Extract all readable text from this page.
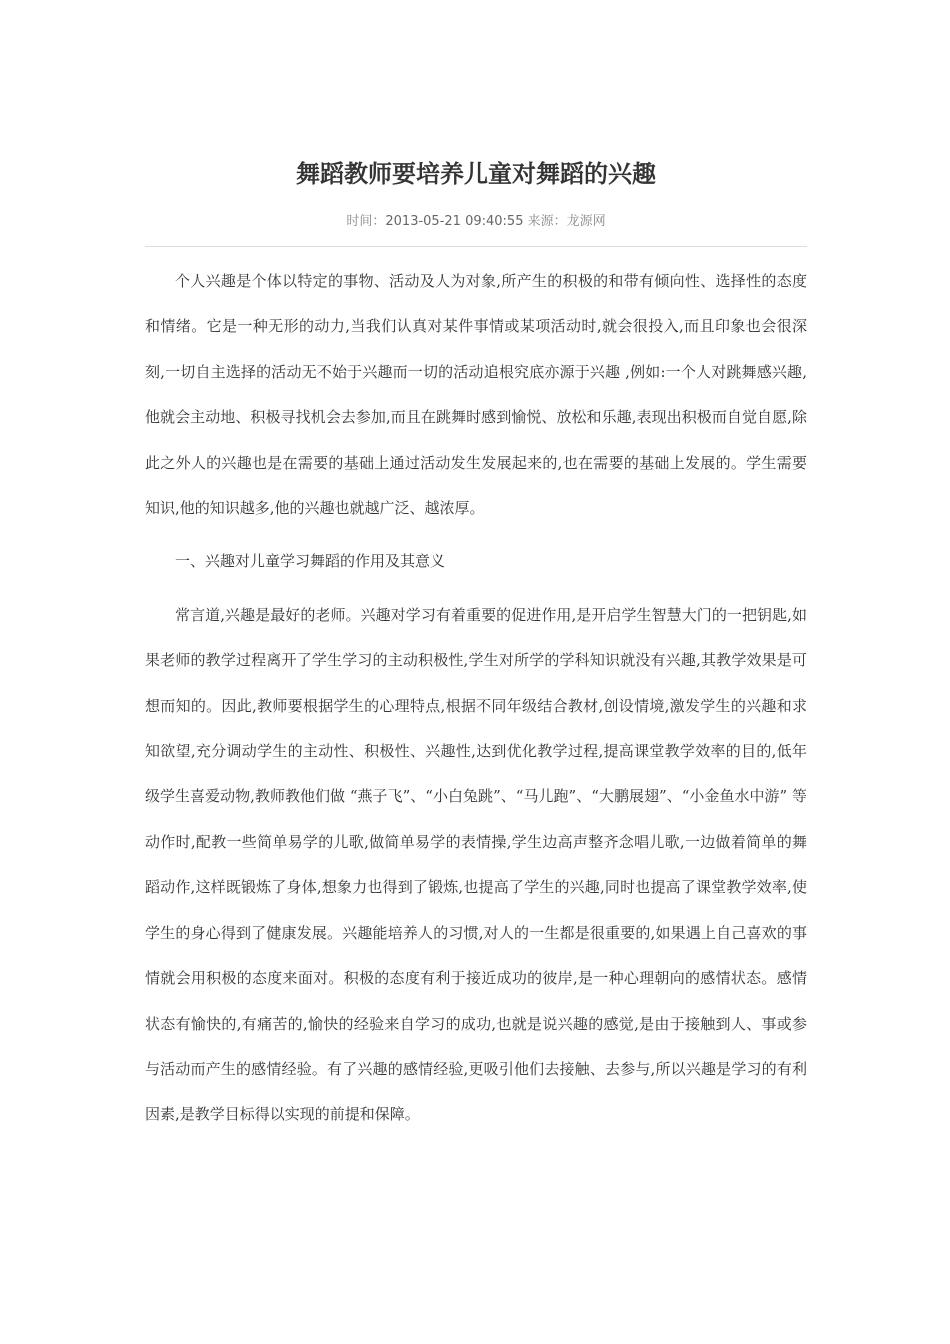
舞蹈教师要培养儿童对舞蹈的兴趣
时间：2013-05-21 09:40:55 来源：龙源网

个人兴趣是个体以特定的事物、活动及人为对象,所产生的积极的和带有倾向性、选择性的态度和情绪。它是一种无形的动力,当我们认真对某件事情或某项活动时,就会很投入,而且印象也会很深刻,一切自主选择的活动无不始于兴趣而一切的活动追根究底亦源于兴趣 ,例如:一个人对跳舞感兴趣,他就会主动地、积极寻找机会去参加,而且在跳舞时感到愉悦、放松和乐趣,表现出积极而自觉自愿,除此之外人的兴趣也是在需要的基础上通过活动发生发展起来的,也在需要的基础上发展的。学生需要知识,他的知识越多,他的兴趣也就越广泛、越浓厚。

一、兴趣对儿童学习舞蹈的作用及其意义

常言道,兴趣是最好的老师。兴趣对学习有着重要的促进作用,是开启学生智慧大门的一把钥匙,如果老师的教学过程离开了学生学习的主动积极性,学生对所学的学科知识就没有兴趣,其教学效果是可想而知的。因此,教师要根据学生的心理特点,根据不同年级结合教材,创设情境,激发学生的兴趣和求知欲望,充分调动学生的主动性、积极性、兴趣性,达到优化教学过程,提高课堂教学效率的目的,低年级学生喜爱动物,教师教他们做 “燕子飞”、“小白兔跳”、“马儿跑”、“大鹏展翅”、“小金鱼水中游” 等动作时,配教一些简单易学的儿歌,做简单易学的表情操,学生边高声整齐念唱儿歌,一边做着简单的舞蹈动作,这样既锻炼了身体,想象力也得到了锻炼,也提高了学生的兴趣,同时也提高了课堂教学效率,使学生的身心得到了健康发展。兴趣能培养人的习惯,对人的一生都是很重要的,如果遇上自己喜欢的事情就会用积极的态度来面对。积极的态度有利于接近成功的彼岸,是一种心理朝向的感情状态。感情状态有愉快的,有痛苦的,愉快的经验来自学习的成功,也就是说兴趣的感觉,是由于接触到人、事或参与活动而产生的感情经验。有了兴趣的感情经验,更吸引他们去接触、去参与,所以兴趣是学习的有利因素,是教学目标得以实现的前提和保障。
